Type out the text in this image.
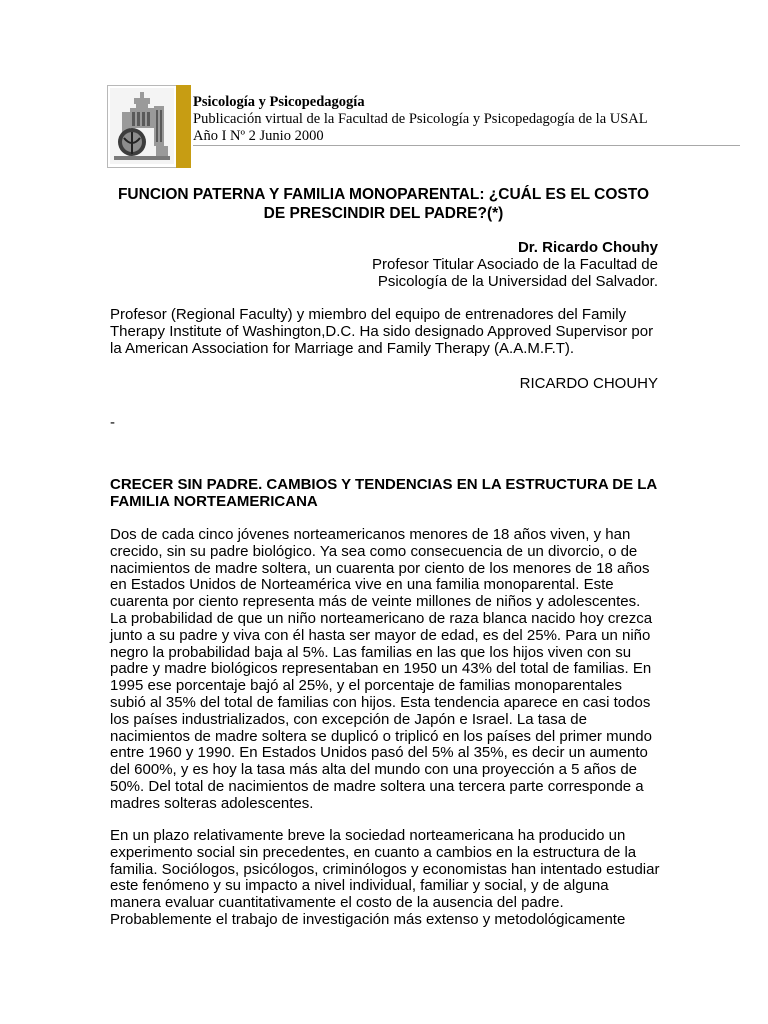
Psicología y Psicopedagogía
Publicación virtual de la Facultad de Psicología y Psicopedagogía de la USAL
Año I Nº 2 Junio 2000
FUNCION PATERNA Y FAMILIA MONOPARENTAL: ¿CUÁL ES EL COSTO DE PRESCINDIR DEL PADRE?(*)
Dr. Ricardo Chouhy
Profesor Titular Asociado de la Facultad de
Psicología de la Universidad del Salvador.

Profesor (Regional Faculty) y miembro del equipo de entrenadores del Family Therapy Institute of Washington,D.C. Ha sido designado Approved Supervisor por la American Association for Marriage and Family Therapy (A.A.M.F.T).

RICARDO CHOUHY
-
CRECER SIN PADRE. CAMBIOS Y TENDENCIAS EN LA ESTRUCTURA DE LA FAMILIA NORTEAMERICANA

Dos de cada cinco jóvenes norteamericanos menores de 18 años viven, y han crecido, sin su padre biológico. Ya sea como consecuencia de un divorcio, o de nacimientos de madre soltera, un cuarenta por ciento de los menores de 18 años en Estados Unidos de Norteamérica vive en una familia monoparental. Este cuarenta por ciento representa más de veinte millones de niños y adolescentes. La probabilidad de que un niño norteamericano de raza blanca nacido hoy crezca junto a su padre y viva con él hasta ser mayor de edad, es del 25%. Para un niño negro la probabilidad baja al 5%. Las familias en las que los hijos viven con su padre y madre biológicos representaban en 1950 un 43% del total de familias. En 1995 ese porcentaje bajó al 25%, y el porcentaje de familias monoparentales subió al 35% del total de familias con hijos. Esta tendencia aparece en casi todos los países industrializados, con excepción de Japón e Israel. La tasa de nacimientos de madre soltera se duplicó o triplicó en los países del primer mundo entre 1960 y 1990. En Estados Unidos pasó del 5% al 35%, es decir un aumento del 600%, y es hoy la tasa más alta del mundo con una proyección a 5 años de 50%. Del total de nacimientos de madre soltera una tercera parte corresponde a madres solteras adolescentes.

En un plazo relativamente breve la sociedad norteamericana ha producido un experimento social sin precedentes, en cuanto a cambios en la estructura de la familia. Sociólogos, psicólogos, criminólogos y economistas han intentado estudiar este fenómeno y su impacto a nivel individual, familiar y social, y de alguna manera evaluar cuantitativamente el costo de la ausencia del padre. Probablemente el trabajo de investigación más extenso y metodológicamente
